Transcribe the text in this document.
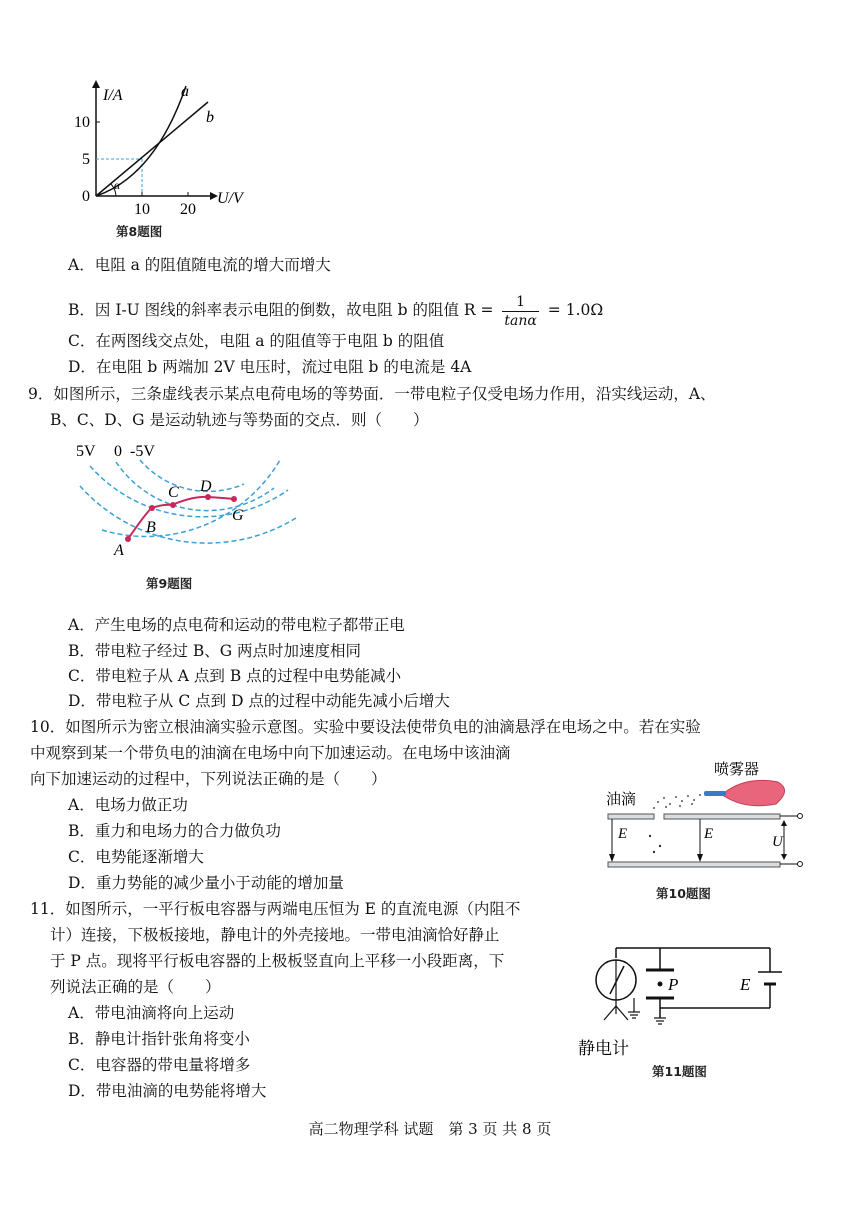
I/A
U/V
10
5
0
10 20
a
b
α
第8题图
A．电阻 a 的阻值随电流的增大而增大
B．因 I-U 图线的斜率表示电阻的倒数，故电阻 b 的阻值 $R = \frac{1}{\tan\alpha} = 1.0\Omega$
C．在两图线交点处，电阻 a 的阻值等于电阻 b 的阻值
D．在电阻 b 两端加 2V 电压时，流过电阻 b 的电流是 4A
9．如图所示，三条虚线表示某点电荷电场的等势面．一带电粒子仅受电场力作用，沿实线运动，A、
B、C、D、G 是运动轨迹与等势面的交点．则（　　）
5V 0 -5V
A
B
C D
G
第9题图
A．产生电场的点电荷和运动的带电粒子都带正电
B．带电粒子经过 B、G 两点时加速度相同
C．带电粒子从 A 点到 B 点的过程中电势能减小
D．带电粒子从 C 点到 D 点的过程中动能先减小后增大
10．如图所示为密立根油滴实验示意图。实验中要设法使带负电的油滴悬浮在电场之中。若在实验
中观察到某一个带负电的油滴在电场中向下加速运动。在电场中该油滴
向下加速运动的过程中，下列说法正确的是（　　）	喷雾器
油滴
E	E	U
第10题图
A．电场力做正功
B．重力和电场力的合力做负功
C．电势能逐渐增大
D．重力势能的减少量小于动能的增加量
11．如图所示，一平行板电容器与两端电压恒为 E 的直流电源（内阻不
计）连接，下极板接地，静电计的外壳接地。一带电油滴恰好静止
于 P 点。现将平行板电容器的上极板竖直向上平移一小段距离，下
列说法正确的是（　　）	P	E
静电计
第11题图
A．带电油滴将向上运动
B．静电计指针张角将变小
C．电容器的带电量将增多
D．带电油滴的电势能将增大
高二物理学科 试题　第 3 页 共 8 页
